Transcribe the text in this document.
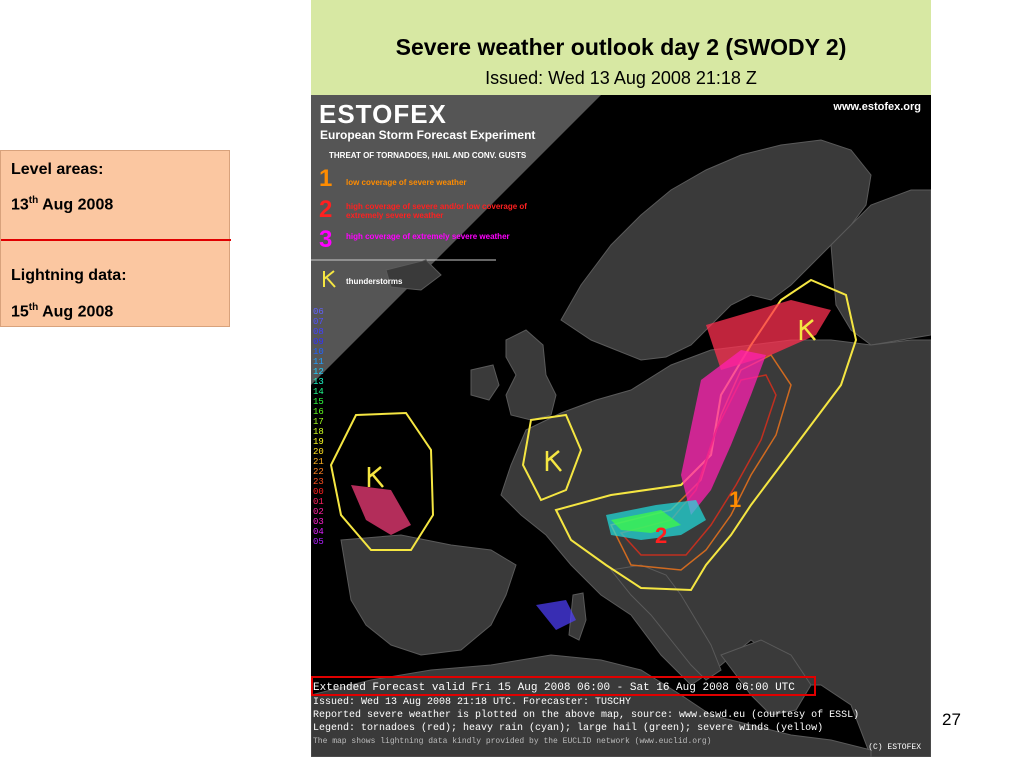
Severe weather outlook day 2 (SWODY 2)
Issued: Wed 13 Aug 2008 21:18 Z
Level areas:
13th Aug 2008
Lightning data:
15th Aug 2008
ESTOFEX
European Storm Forecast Experiment
www.estofex.org
THREAT OF TORNADOES, HAIL AND CONV. GUSTS
1 low coverage of severe weather
2 high coverage of severe and/or low coverage of extremely severe weather
3 high coverage of extremely severe weather
thunderstorms
06
07
08
09
10
11
12
13
14
15
16
17
18
19
20
21
22
23
00
01
02
03
04
05
1
2
Extended Forecast valid Fri 15 Aug 2008 06:00 - Sat 16 Aug 2008 06:00 UTC
Issued: Wed 13 Aug 2008 21:18 UTC. Forecaster: TUSCHY
Reported severe weather is plotted on the above map, source: www.eswd.eu (courtesy of ESSL)
Legend: tornadoes (red); heavy rain (cyan); large hail (green); severe winds (yellow)
The map shows lightning data kindly provided by the EUCLID network (www.euclid.org)
(C) ESTOFEX
27
